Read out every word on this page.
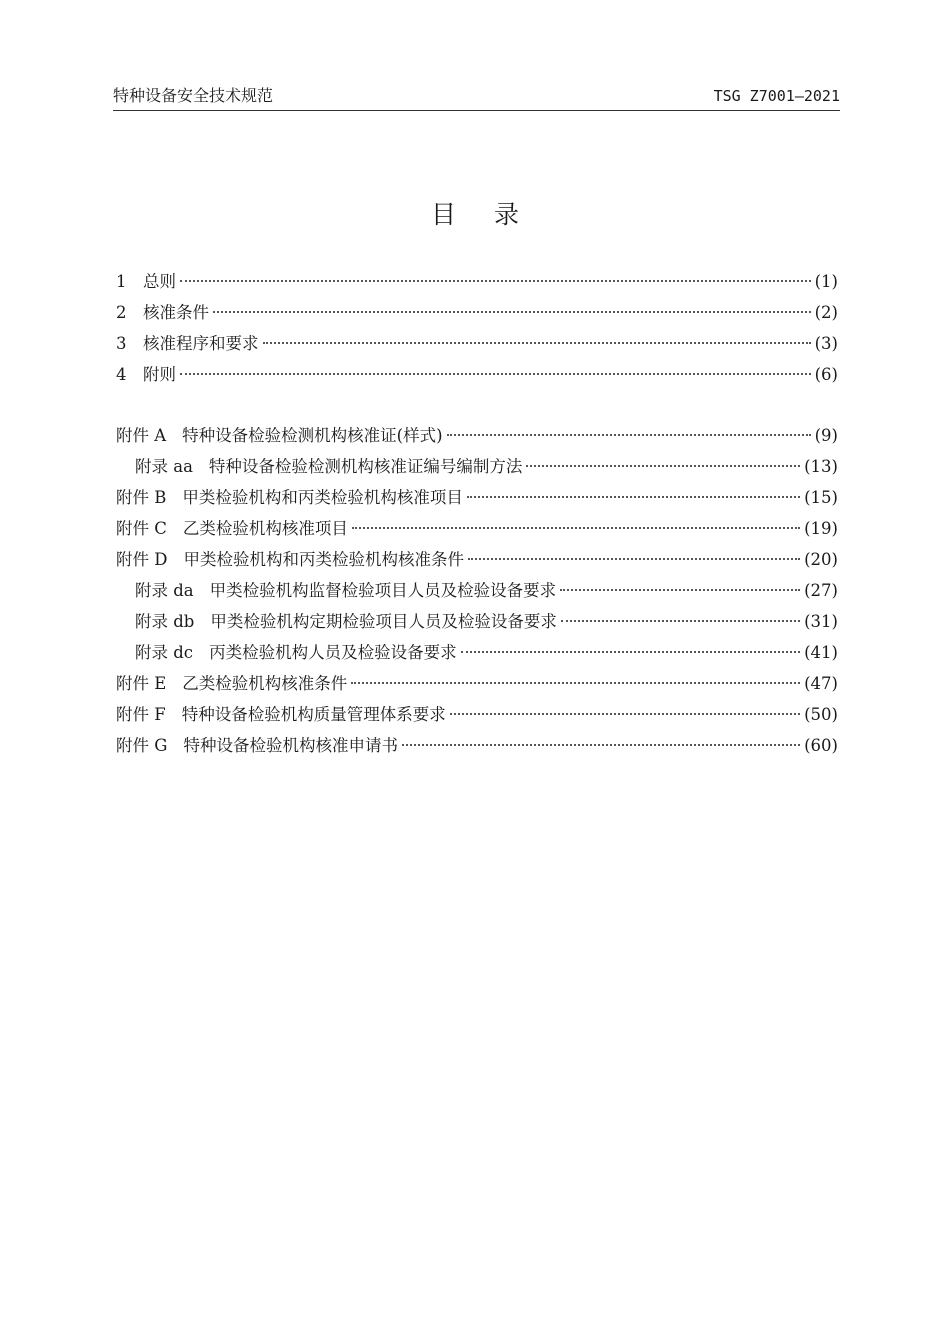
特种设备安全技术规范	TSG Z7001—2021
目录
1	总则	(1)
2	核准条件	(2)
3	核准程序和要求	(3)
4	附则	(6)
附件 A 特种设备检验检测机构核准证(样式)	(9)
附录 aa 特种设备检验检测机构核准证编号编制方法	(13)
附件 B 甲类检验机构和丙类检验机构核准项目	(15)
附件 C 乙类检验机构核准项目	(19)
附件 D 甲类检验机构和丙类检验机构核准条件	(20)
附录 da 甲类检验机构监督检验项目人员及检验设备要求	(27)
附录 db 甲类检验机构定期检验项目人员及检验设备要求	(31)
附录 dc 丙类检验机构人员及检验设备要求	(41)
附件 E 乙类检验机构核准条件	(47)
附件 F 特种设备检验机构质量管理体系要求	(50)
附件 G 特种设备检验机构核准申请书	(60)
